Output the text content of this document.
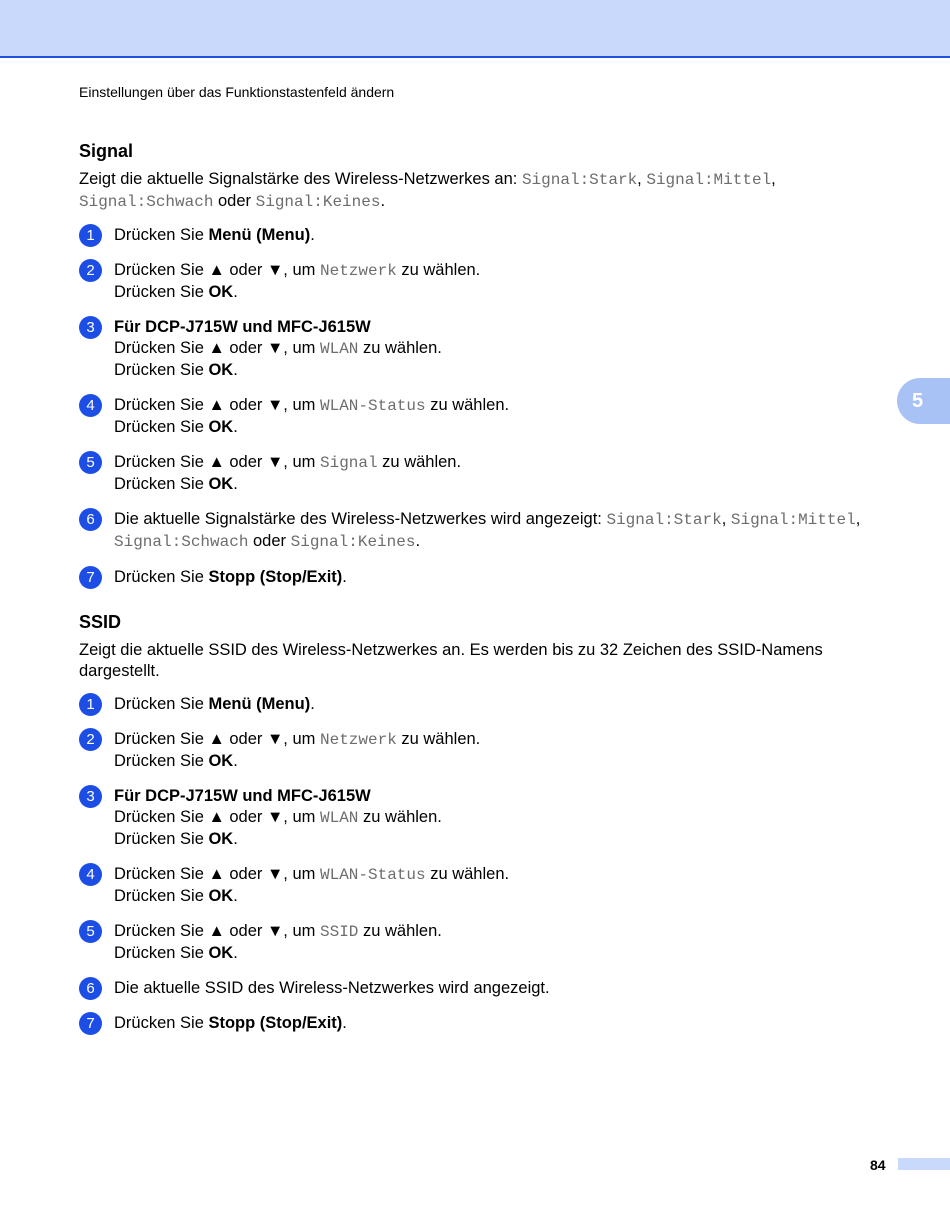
Einstellungen über das Funktionstastenfeld ändern
5
Signal

Zeigt die aktuelle Signalstärke des Wireless-Netzwerkes an: Signal:Stark, Signal:Mittel, Signal:Schwach oder Signal:Keines.

1	Drücken Sie Menü (Menu).
2	Drücken Sie ▲ oder ▼, um Netzwerk zu wählen.
Drücken Sie OK.
3	Für DCP-J715W und MFC-J615W
Drücken Sie ▲ oder ▼, um WLAN zu wählen.
Drücken Sie OK.
4	Drücken Sie ▲ oder ▼, um WLAN-Status zu wählen.
Drücken Sie OK.
5	Drücken Sie ▲ oder ▼, um Signal zu wählen.
Drücken Sie OK.
6	Die aktuelle Signalstärke des Wireless-Netzwerkes wird angezeigt: Signal:Stark, Signal:Mittel, Signal:Schwach oder Signal:Keines.
7	Drücken Sie Stopp (Stop/Exit).
SSID

Zeigt die aktuelle SSID des Wireless-Netzwerkes an. Es werden bis zu 32 Zeichen des SSID-Namens dargestellt.

1	Drücken Sie Menü (Menu).
2	Drücken Sie ▲ oder ▼, um Netzwerk zu wählen.
Drücken Sie OK.
3	Für DCP-J715W und MFC-J615W
Drücken Sie ▲ oder ▼, um WLAN zu wählen.
Drücken Sie OK.
4	Drücken Sie ▲ oder ▼, um WLAN-Status zu wählen.
Drücken Sie OK.
5	Drücken Sie ▲ oder ▼, um SSID zu wählen.
Drücken Sie OK.
6	Die aktuelle SSID des Wireless-Netzwerkes wird angezeigt.
7	Drücken Sie Stopp (Stop/Exit).
84
